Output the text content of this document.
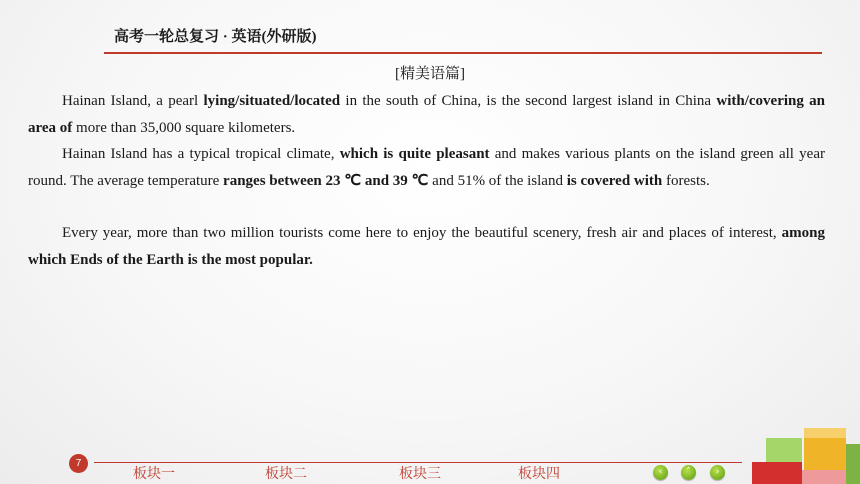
高考一轮总复习 · 英语(外研版)
[精美语篇]

Hainan Island, a pearl lying/situated/located in the south of China, is the second largest island in China with/covering an area of more than 35,000 square kilometers.

Hainan Island has a typical tropical climate, which is quite pleasant and makes various plants on the island green all year round. The average temperature ranges between 23 ℃ and 39 ℃ and 51% of the island is covered with forests.

Every year, more than two million tourists come here to enjoy the beautiful scenery, fresh air and places of interest, among which Ends of the Earth is the most popular.

7
板块一	板块二	板块三	板块四	‹	˄	›
